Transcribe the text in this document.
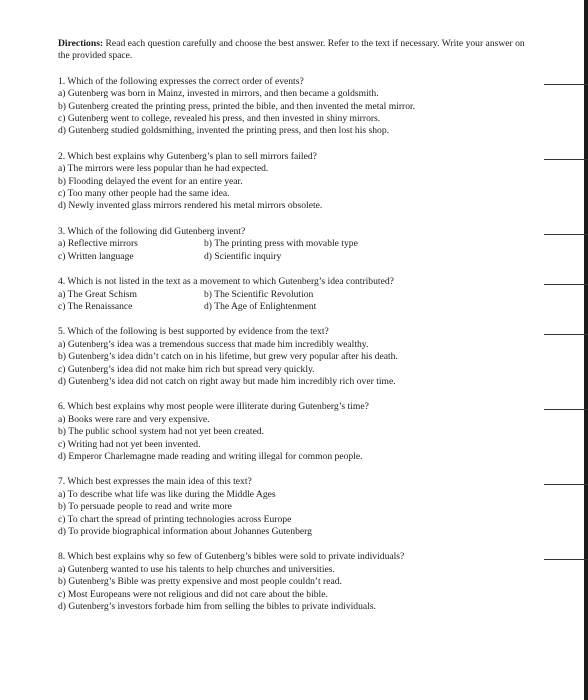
Directions: Read each question carefully and choose the best answer. Refer to the text if necessary. Write your answer on the provided space.
1. Which of the following expresses the correct order of events?
a) Gutenberg was born in Mainz, invested in mirrors, and then became a goldsmith.
b) Gutenberg created the printing press, printed the bible, and then invented the metal mirror.
c) Gutenberg went to college, revealed his press, and then invested in shiny mirrors.
d) Gutenberg studied goldsmithing, invented the printing press, and then lost his shop.
2. Which best explains why Gutenberg’s plan to sell mirrors failed?
a) The mirrors were less popular than he had expected.
b) Flooding delayed the event for an entire year.
c) Too many other people had the same idea.
d) Newly invented glass mirrors rendered his metal mirrors obsolete.
3. Which of the following did Gutenberg invent?
a) Reflective mirrors	b) The printing press with movable type
c) Written language	d) Scientific inquiry
4. Which is not listed in the text as a movement to which Gutenberg’s idea contributed?
a) The Great Schism	b) The Scientific Revolution
c) The Renaissance	d) The Age of Enlightenment
5. Which of the following is best supported by evidence from the text?
a) Gutenberg’s idea was a tremendous success that made him incredibly wealthy.
b) Gutenberg’s idea didn’t catch on in his lifetime, but grew very popular after his death.
c) Gutenberg’s idea did not make him rich but spread very quickly.
d) Gutenberg’s idea did not catch on right away but made him incredibly rich over time.
6. Which best explains why most people were illiterate during Gutenberg’s time?
a) Books were rare and very expensive.
b) The public school system had not yet been created.
c) Writing had not yet been invented.
d) Emperor Charlemagne made reading and writing illegal for common people.
7. Which best expresses the main idea of this text?
a) To describe what life was like during the Middle Ages
b) To persuade people to read and write more
c) To chart the spread of printing technologies across Europe
d) To provide biographical information about Johannes Gutenberg
8. Which best explains why so few of Gutenberg’s bibles were sold to private individuals?
a) Gutenberg wanted to use his talents to help churches and universities.
b) Gutenberg’s Bible was pretty expensive and most people couldn’t read.
c) Most Europeans were not religious and did not care about the bible.
d) Gutenberg’s investors forbade him from selling the bibles to private individuals.
